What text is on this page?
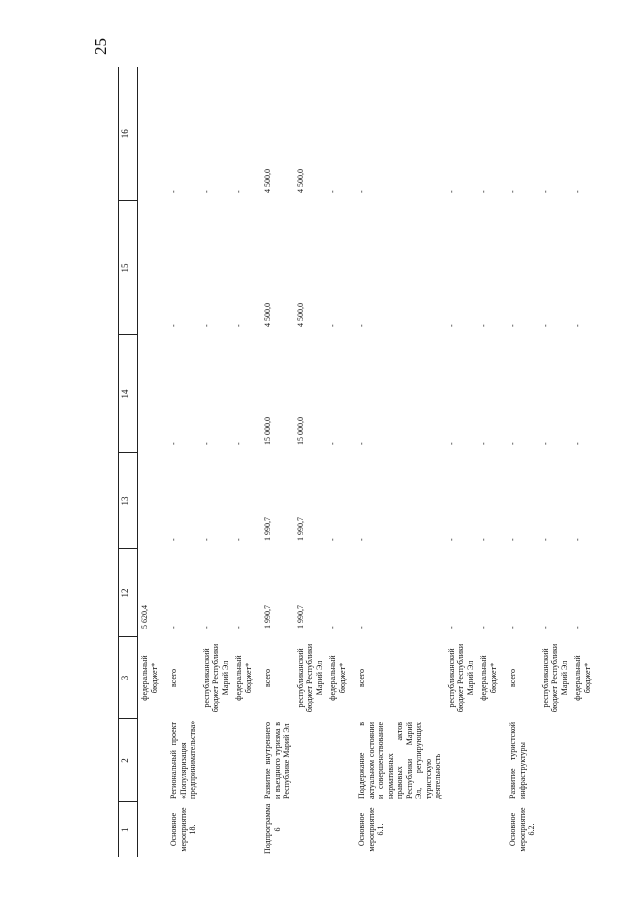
25
1	2	3	12	13	14	15	16
		федеральный бюджет*	5 620,4				

Основное мероприятие 18.	Региональный проект «Популяризация предпринимательства»	всего	-	-	-	-	-
		республиканский бюджет Республики Марий Эл	-	-	-	-	-
		федеральный бюджет*	-	-	-	-	-

Подпрограмма 6	Развитие внутреннего и въездного туризма в Республике Марий Эл	всего	1 990,7	1 990,7	15 000,0	4 500,0	4 500,0
		республиканский бюджет Республики Марий Эл	1 990,7	1 990,7	15 000,0	4 500,0	4 500,0
		федеральный бюджет*	-	-	-	-	-

Основное мероприятие 6.1.	Поддержание в актуальном состоянии и совершенствование нормативных правовых актов Республики Марий Эл, регулирующих туристскую деятельность	всего	-	-	-	-	-
		республиканский бюджет Республики Марий Эл	-	-	-	-	-
		федеральный бюджет*	-	-	-	-	-

Основное мероприятие 6.2.	Развитие туристской инфраструктуры	всего	-	-	-	-	-
		республиканский бюджет Республики Марий Эл	-	-	-	-	-
		федеральный бюджет*	-	-	-	-	-
